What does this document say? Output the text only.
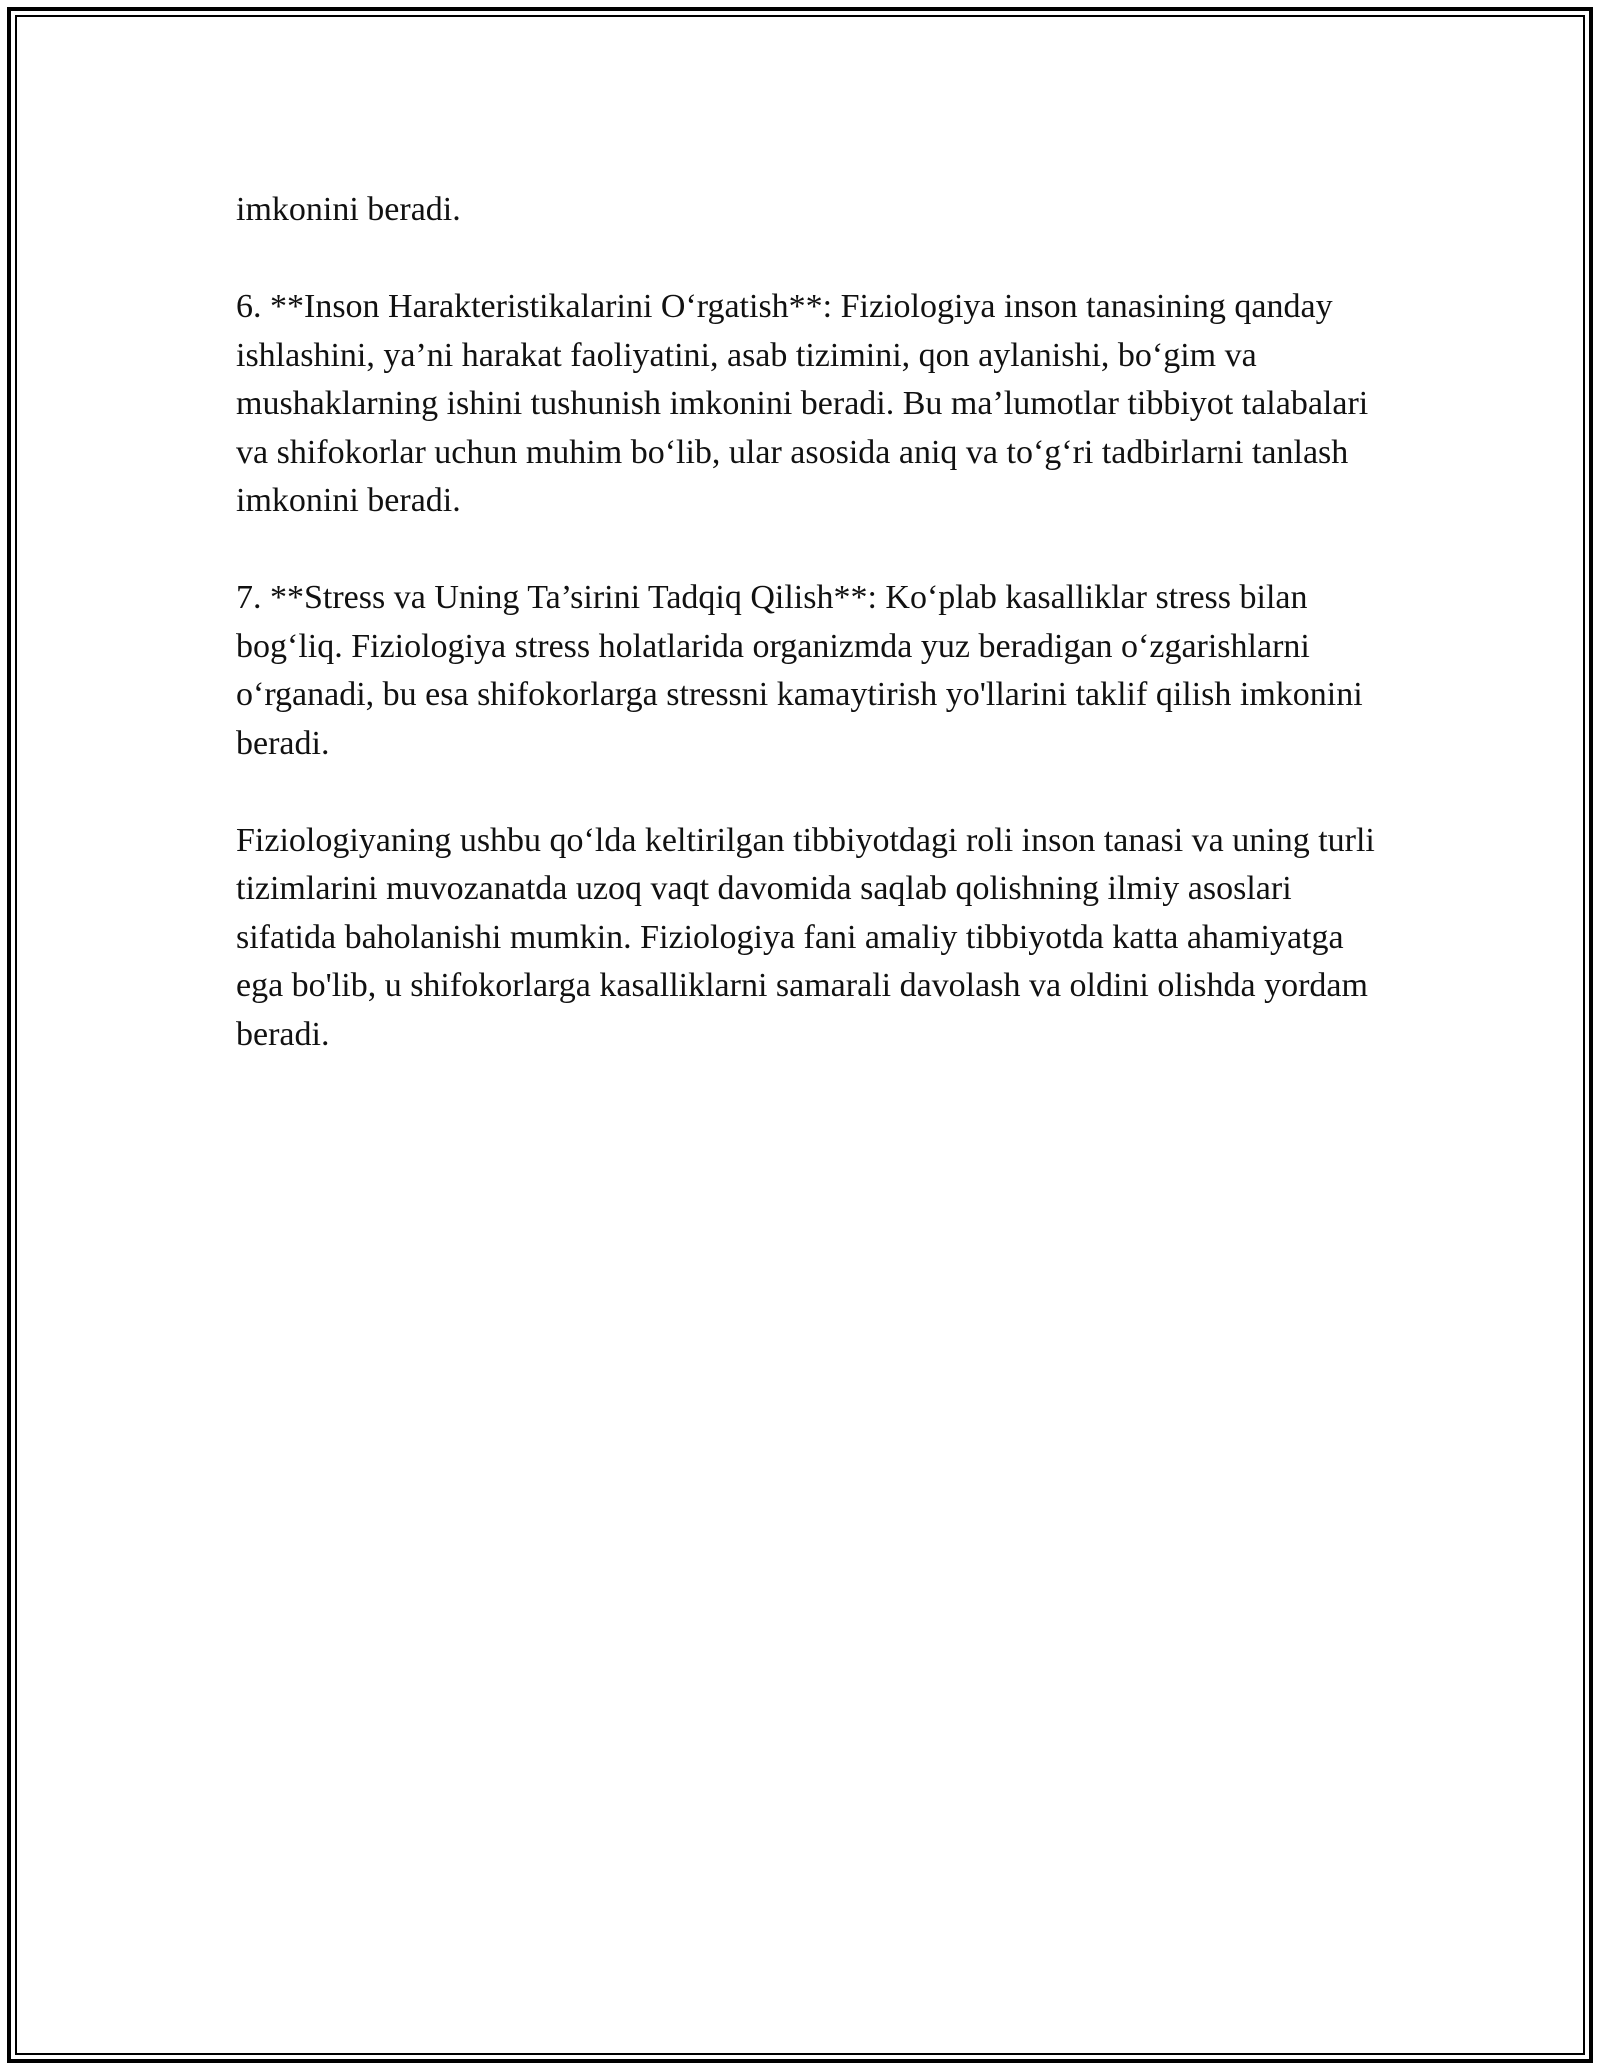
imkonini beradi.

6. **Inson Harakteristikalarini O‘rgatish**: Fiziologiya inson tanasining qanday ishlashini, ya’ni harakat faoliyatini, asab tizimini, qon aylanishi, bo‘gim va mushaklarning ishini tushunish imkonini beradi. Bu ma’lumotlar tibbiyot talabalari va shifokorlar uchun muhim bo‘lib, ular asosida aniq va to‘g‘ri tadbirlarni tanlash imkonini beradi.

7. **Stress va Uning Ta’sirini Tadqiq Qilish**: Ko‘plab kasalliklar stress bilan bog‘liq. Fiziologiya stress holatlarida organizmda yuz beradigan o‘zgarishlarni o‘rganadi, bu esa shifokorlarga stressni kamaytirish yo'llarini taklif qilish imkonini beradi.

Fiziologiyaning ushbu qo‘lda keltirilgan tibbiyotdagi roli inson tanasi va uning turli tizimlarini muvozanatda uzoq vaqt davomida saqlab qolishning ilmiy asoslari sifatida baholanishi mumkin. Fiziologiya fani amaliy tibbiyotda katta ahamiyatga ega bo'lib, u shifokorlarga kasalliklarni samarali davolash va oldini olishda yordam beradi.
